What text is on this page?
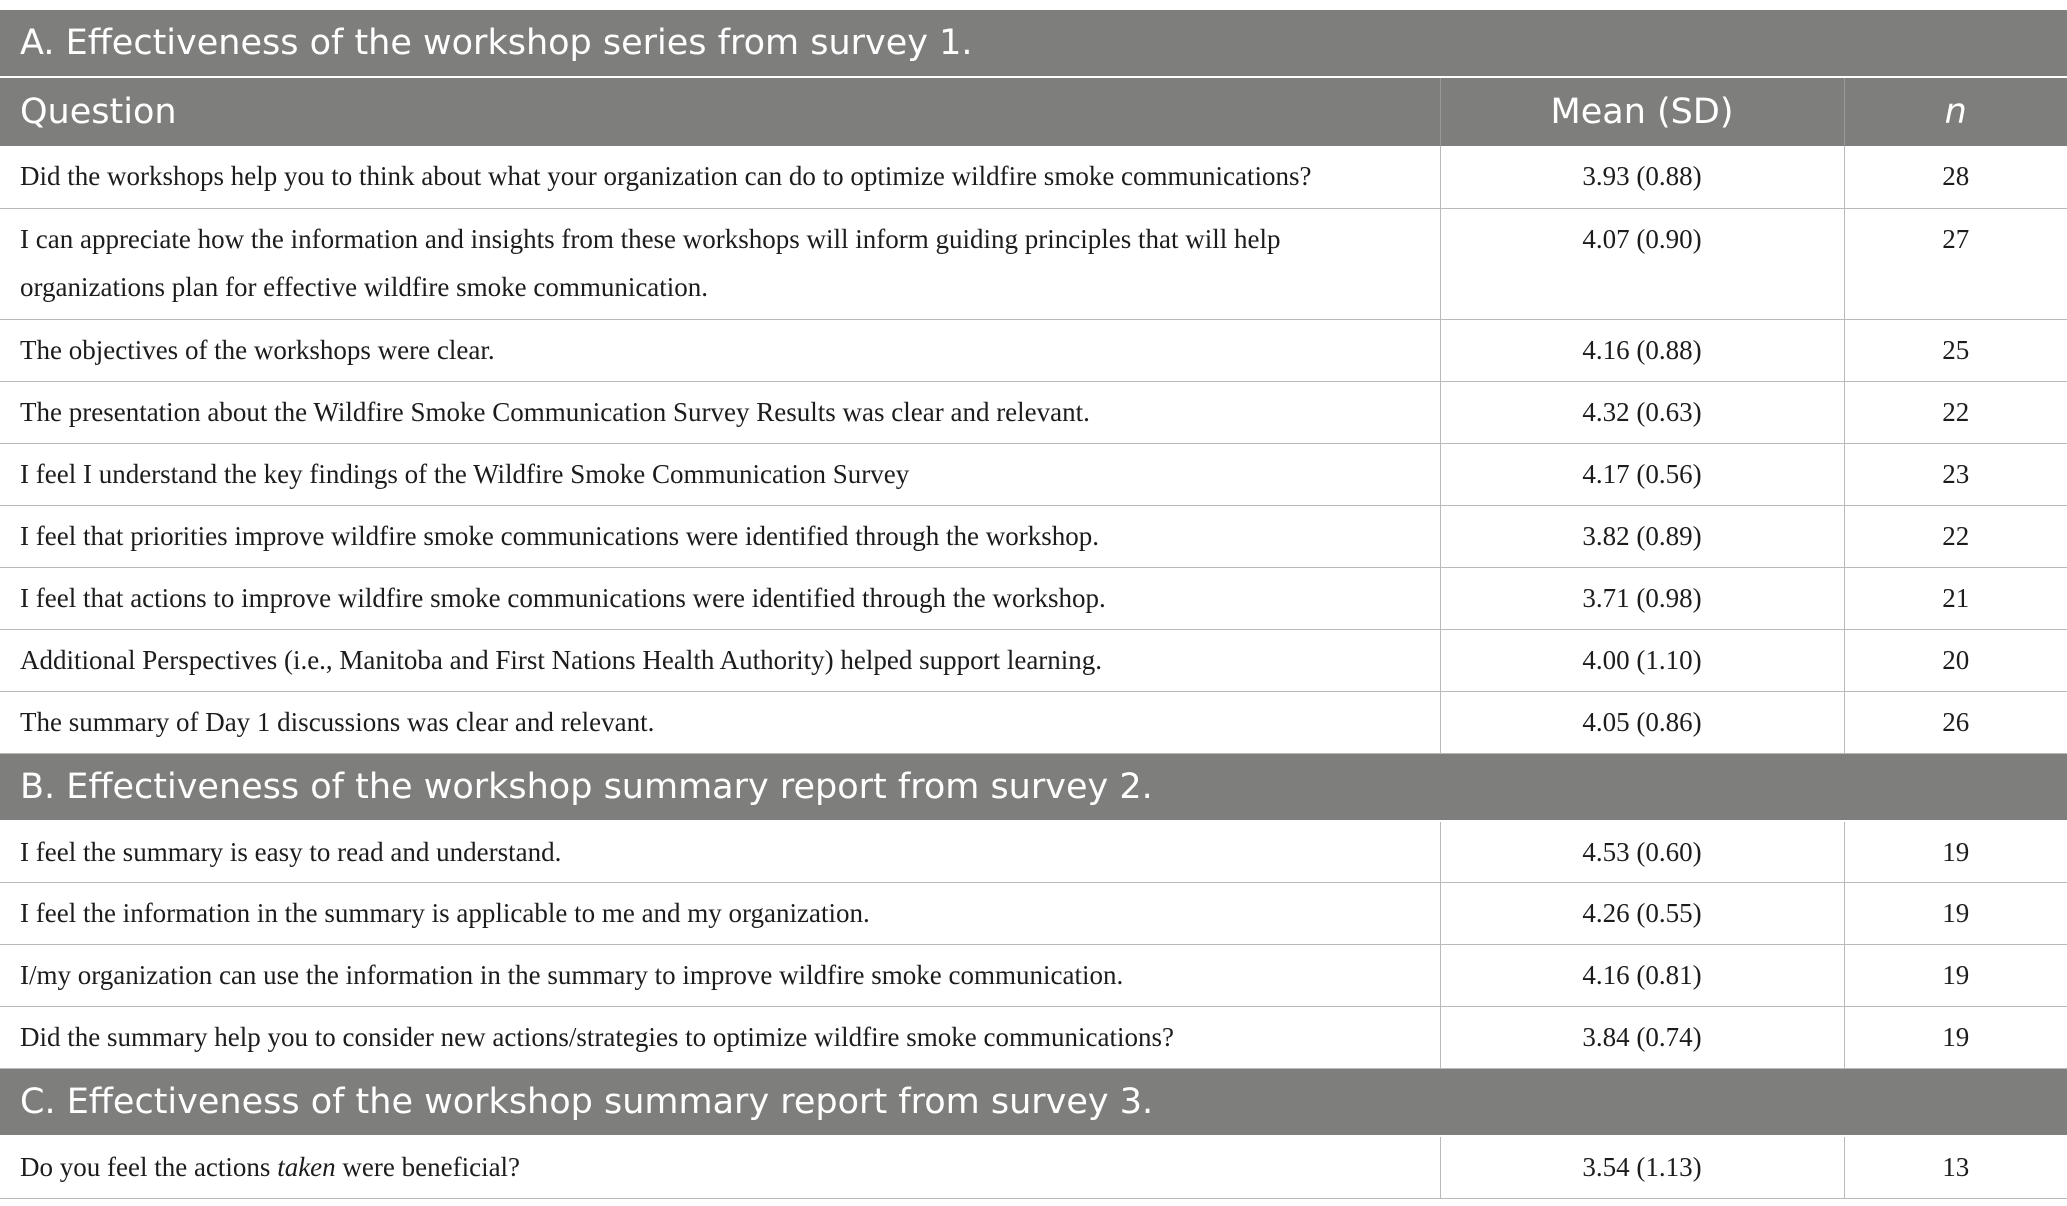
A. Effectiveness of the workshop series from survey 1.		
Question	Mean (SD)	n
Did the workshops help you to think about what your organization can do to optimize wildfire smoke communications?	3.93 (0.88)	28
I can appreciate how the information and insights from these workshops will inform guiding principles that will help
organizations plan for effective wildfire smoke communication.	4.07 (0.90)	27
The objectives of the workshops were clear.	4.16 (0.88)	25
The presentation about the Wildfire Smoke Communication Survey Results was clear and relevant.	4.32 (0.63)	22
I feel I understand the key findings of the Wildfire Smoke Communication Survey	4.17 (0.56)	23
I feel that priorities improve wildfire smoke communications were identified through the workshop.	3.82 (0.89)	22
I feel that actions to improve wildfire smoke communications were identified through the workshop.	3.71 (0.98)	21
Additional Perspectives (i.e., Manitoba and First Nations Health Authority) helped support learning.	4.00 (1.10)	20
The summary of Day 1 discussions was clear and relevant.	4.05 (0.86)	26
B. Effectiveness of the workshop summary report from survey 2.		
I feel the summary is easy to read and understand.	4.53 (0.60)	19
I feel the information in the summary is applicable to me and my organization.	4.26 (0.55)	19
I/my organization can use the information in the summary to improve wildfire smoke communication.	4.16 (0.81)	19
Did the summary help you to consider new actions/strategies to optimize wildfire smoke communications?	3.84 (0.74)	19
C. Effectiveness of the workshop summary report from survey 3.		
Do you feel the actions taken were beneficial?	3.54 (1.13)	13
